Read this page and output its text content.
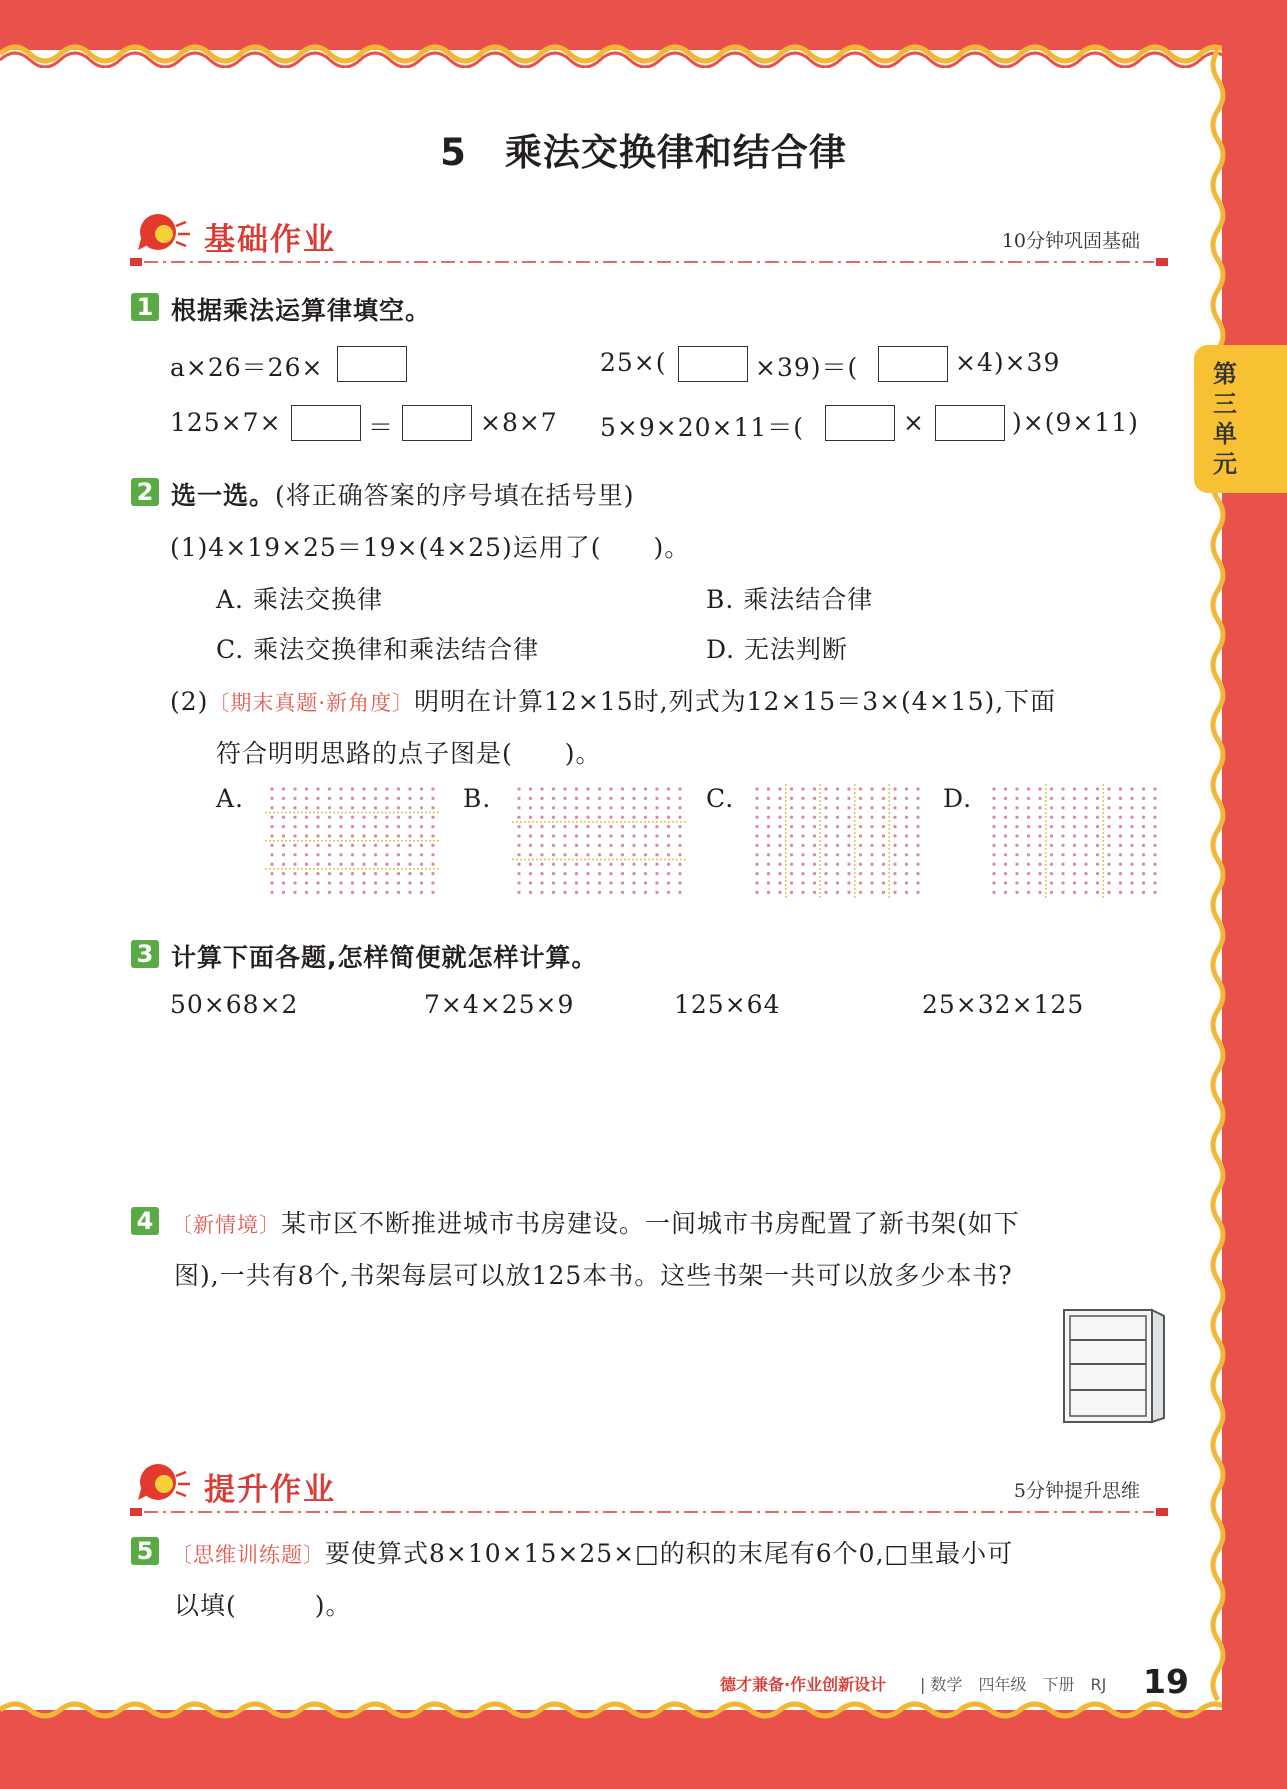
第
三
单
元
5　乘法交换律和结合律
基础作业	10分钟巩固基础
1 根据乘法运算律填空。
a×26＝26×	25×(	×39)＝(	×4)×39
125×7×	＝	×8×7 5×9×20×11＝(	×	)×(9×11)
2 选一选。(将正确答案的序号填在括号里)
(1)4×19×25＝19×(4×25)运用了(　　)。
A. 乘法交换律	B. 乘法结合律
C. 乘法交换律和乘法结合律	D. 无法判断
(2)〔期末真题·新角度〕明明在计算12×15时,列式为12×15＝3×(4×15),下面
符合明明思路的点子图是(　　)。
A.	B.	C.	D.
3 计算下面各题,怎样简便就怎样计算。
50×68×2	7×4×25×9	125×64	25×32×125
4 〔新情境〕某市区不断推进城市书房建设。一间城市书房配置了新书架(如下
图),一共有8个,书架每层可以放125本书。这些书架一共可以放多少本书?
提升作业	5分钟提升思维
5 〔思维训练题〕要使算式8×10×15×25×□的积的末尾有6个0,□里最小可
以填(　　　)。
德才兼备·作业创新设计 | 数学　四年级　下册　RJ 19
